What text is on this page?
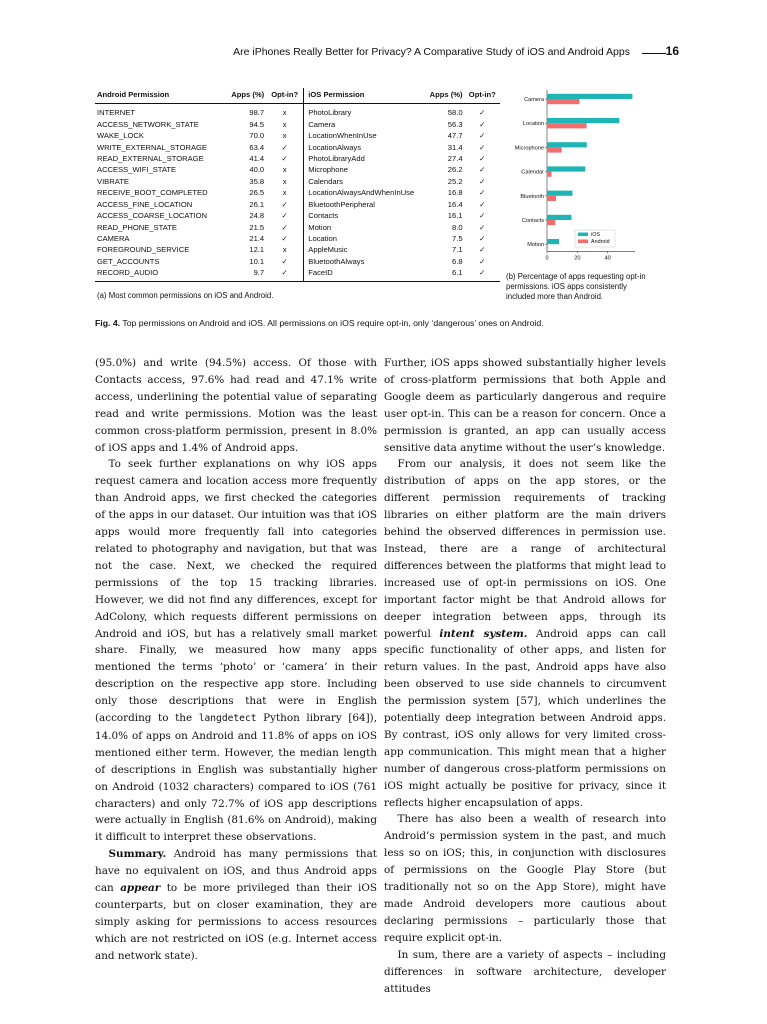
Are iPhones Really Better for Privacy? A Comparative Study of iOS and Android Apps	16
Android Permission	Apps (%)	Opt-in?	iOS Permission	Apps (%)	Opt-in?
INTERNET	98.7	x	PhotoLibrary	58.0	✓
ACCESS_NETWORK_STATE	94.5	x	Camera	56.3	✓
WAKE_LOCK	70.0	x	LocationWhenInUse	47.7	✓
WRITE_EXTERNAL_STORAGE	63.4	✓	LocationAlways	31.4	✓
READ_EXTERNAL_STORAGE	41.4	✓	PhotoLibraryAdd	27.4	✓
ACCESS_WIFI_STATE	40.0	x	Microphone	26.2	✓
VIBRATE	35.8	x	Calendars	25.2	✓
RECEIVE_BOOT_COMPLETED	26.5	x	LocationAlwaysAndWhenInUse	16.8	✓
ACCESS_FINE_LOCATION	26.1	✓	BluetoothPeripheral	16.4	✓
ACCESS_COARSE_LOCATION	24.8	✓	Contacts	16.1	✓
READ_PHONE_STATE	21.5	✓	Motion	8.0	✓
CAMERA	21.4	✓	Location	7.5	✓
FOREGROUND_SERVICE	12.1	x	AppleMusic	7.1	✓
GET_ACCOUNTS	10.1	✓	BluetoothAlways	6.8	✓
RECORD_AUDIO	9.7	✓	FaceID	6.1	✓
(a) Most common permissions on iOS and Android.
Camera
Location
Microphone
Calendar
Bluetooth
Contacts
Motion
0	20	40
iOS
Android
(b) Percentage of apps requesting opt-in permissions. iOS apps consistently included more than Android.
Fig. 4. Top permissions on Android and iOS. All permissions on iOS require opt-in, only ‘dangerous’ ones on Android.

(95.0%) and write (94.5%) access. Of those with Contacts access, 97.6% had read and 47.1% write access, underlining the potential value of separating read and write permissions. Motion was the least common cross-platform permission, present in 8.0% of iOS apps and 1.4% of Android apps.

To seek further explanations on why iOS apps request camera and location access more frequently than Android apps, we first checked the categories of the apps in our dataset. Our intuition was that iOS apps would more frequently fall into categories related to photography and navigation, but that was not the case. Next, we checked the required permissions of the top 15 tracking libraries. However, we did not find any differences, except for AdColony, which requests different permissions on Android and iOS, but has a relatively small market share. Finally, we measured how many apps mentioned the terms ‘photo’ or ‘camera’ in their description on the respective app store. Including only those descriptions that were in English (according to the langdetect Python library [64]), 14.0% of apps on Android and 11.8% of apps on iOS mentioned either term. However, the median length of descriptions in English was substantially higher on Android (1032 characters) compared to iOS (761 characters) and only 72.7% of iOS app descriptions were actually in English (81.6% on Android), making it difficult to interpret these observations.

Summary. Android has many permissions that have no equivalent on iOS, and thus Android apps can appear to be more privileged than their iOS counterparts, but on closer examination, they are simply asking for permissions to access resources which are not restricted on iOS (e.g. Internet access and network state).

Further, iOS apps showed substantially higher levels of cross-platform permissions that both Apple and Google deem as particularly dangerous and require user opt-in. This can be a reason for concern. Once a permission is granted, an app can usually access sensitive data anytime without the user’s knowledge.

From our analysis, it does not seem like the distribution of apps on the app stores, or the different permission requirements of tracking libraries on either platform are the main drivers behind the observed differences in permission use. Instead, there are a range of architectural differences between the platforms that might lead to increased use of opt-in permissions on iOS. One important factor might be that Android allows for deeper integration between apps, through its powerful intent system. Android apps can call specific functionality of other apps, and listen for return values. In the past, Android apps have also been observed to use side channels to circumvent the permission system [57], which underlines the potentially deep integration between Android apps. By contrast, iOS only allows for very limited cross-app communication. This might mean that a higher number of dangerous cross-platform permissions on iOS might actually be positive for privacy, since it reflects higher encapsulation of apps.

There has also been a wealth of research into Android’s permission system in the past, and much less so on iOS; this, in conjunction with disclosures of permissions on the Google Play Store (but traditionally not so on the App Store), might have made Android developers more cautious about declaring permissions – particularly those that require explicit opt-in.

In sum, there are a variety of aspects – including differences in software architecture, developer attitudes
